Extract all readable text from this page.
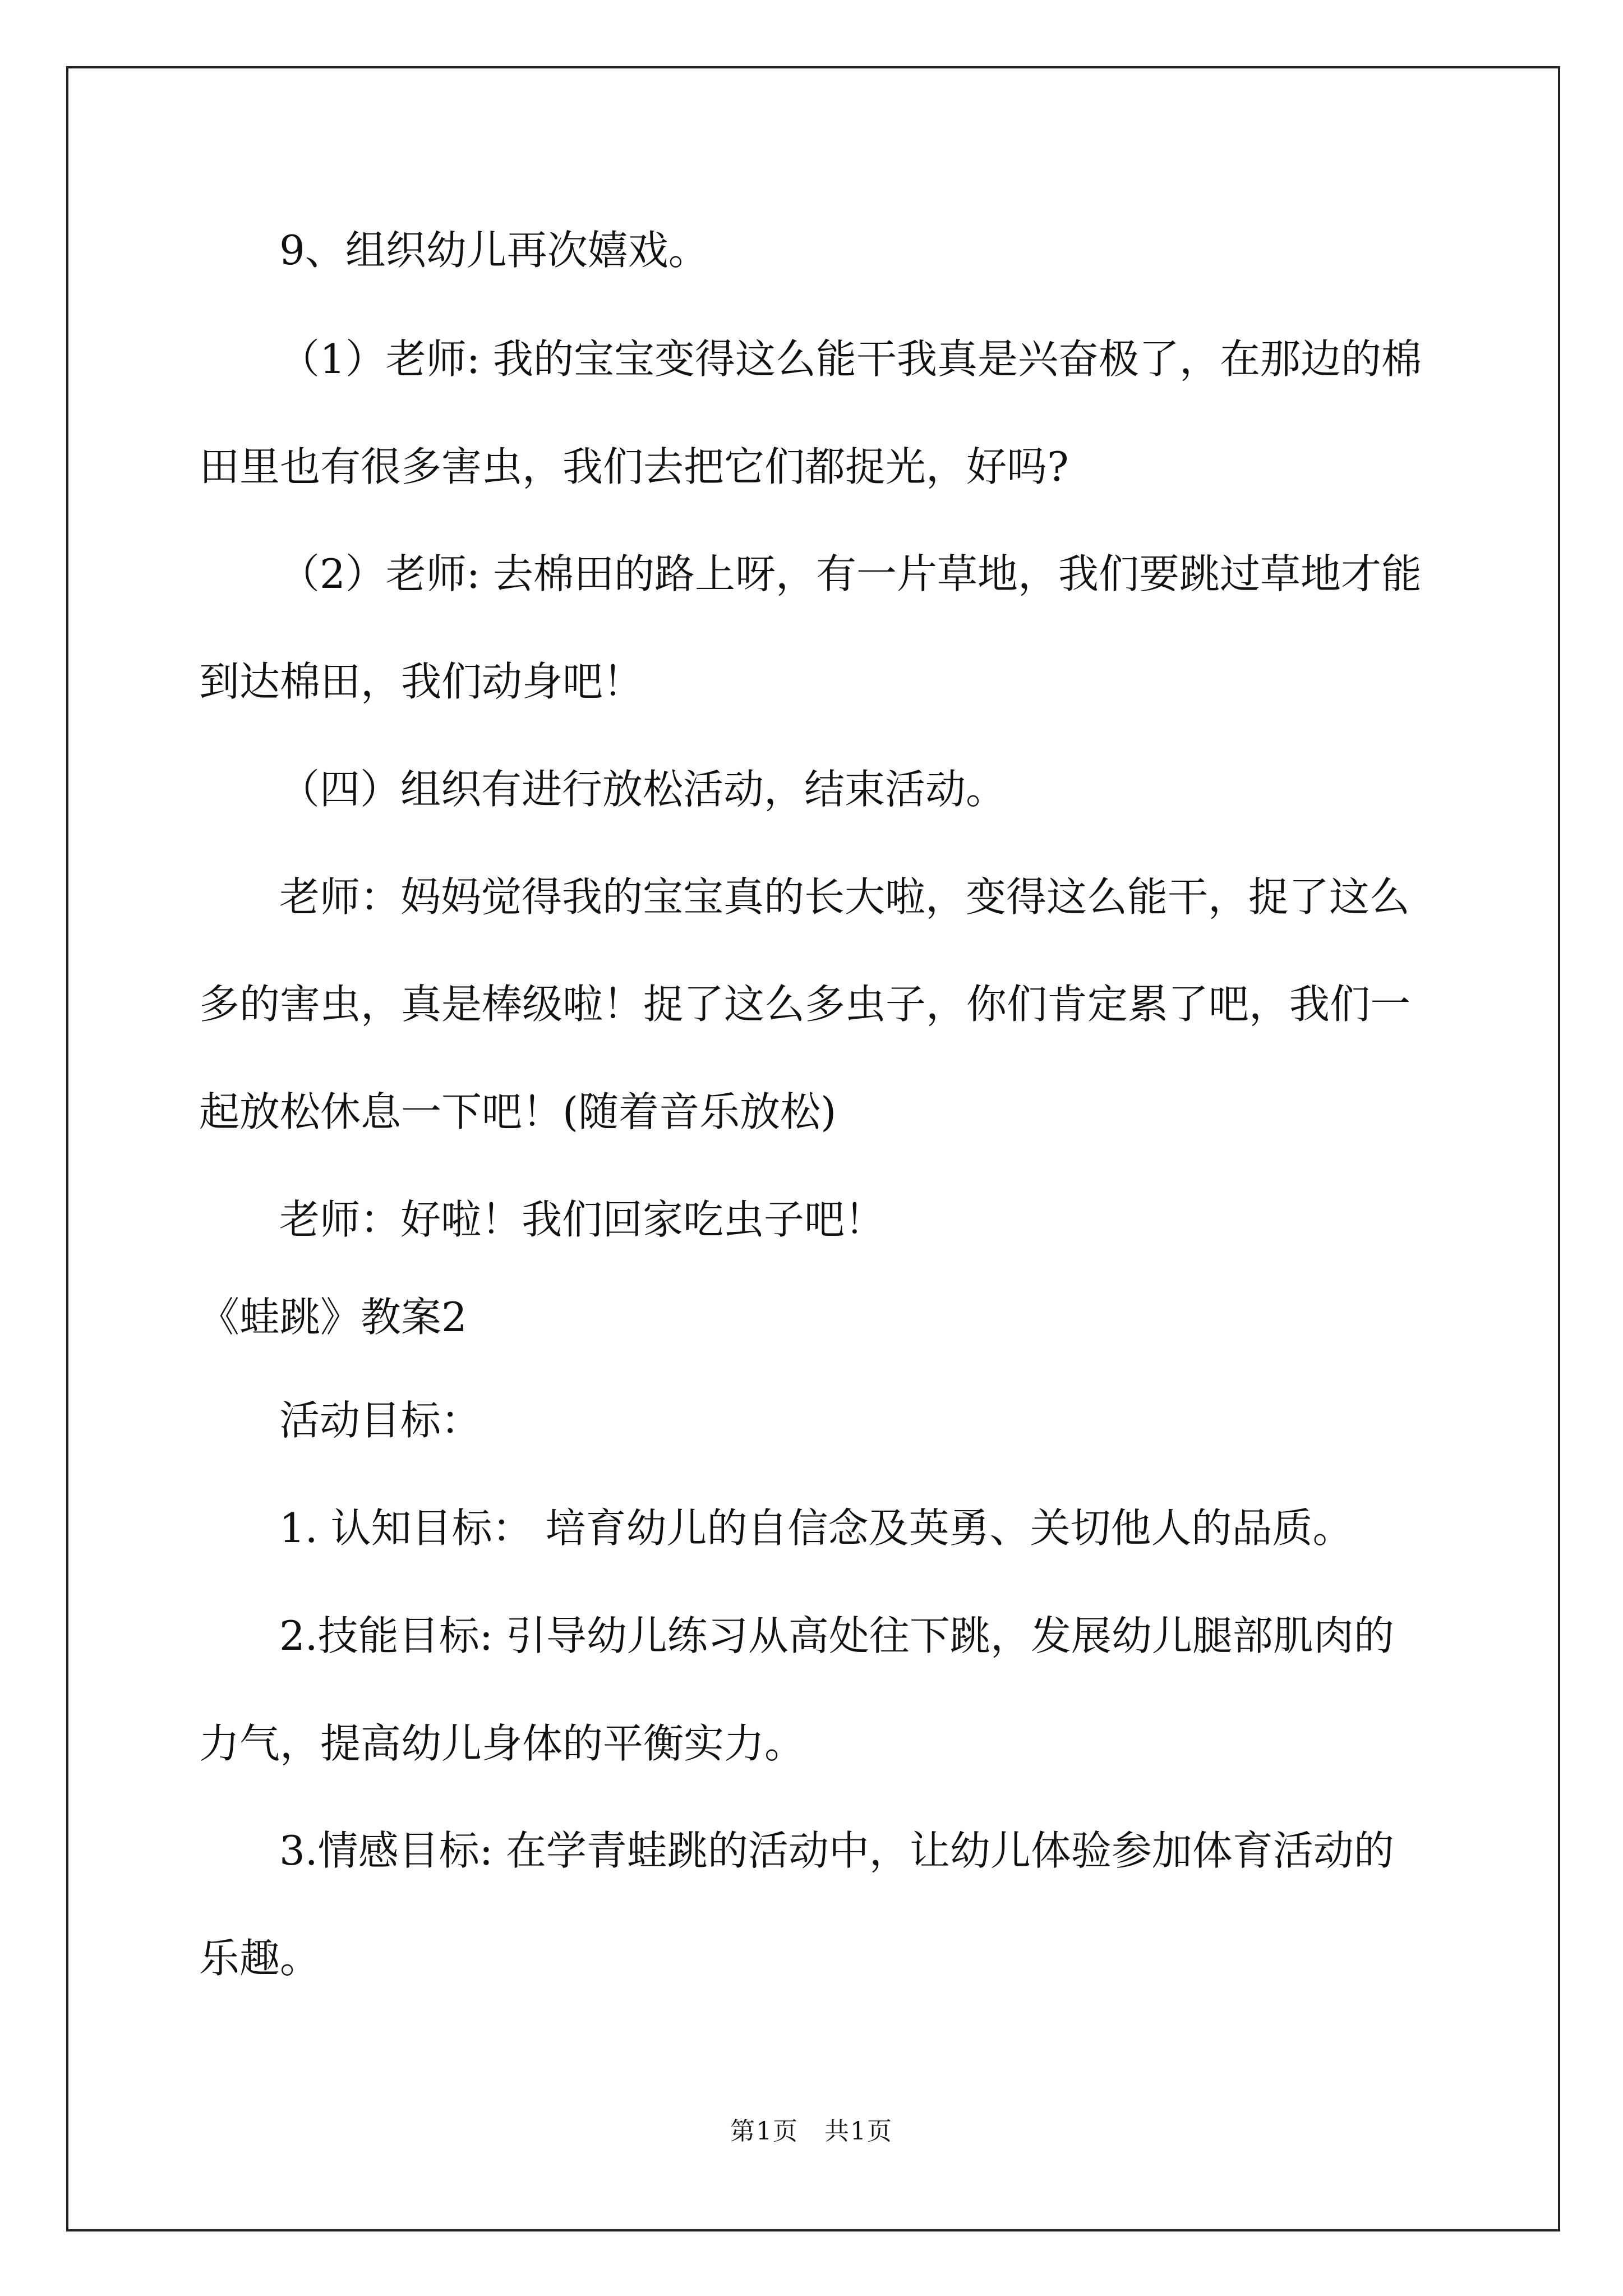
9、组织幼儿再次嬉戏。

（1）老师: 我的宝宝变得这么能干我真是兴奋极了，在那边的棉

田里也有很多害虫，我们去把它们都捉光，好吗?

（2）老师: 去棉田的路上呀，有一片草地，我们要跳过草地才能

到达棉田，我们动身吧！

（四）组织有进行放松活动，结束活动。

老师：妈妈觉得我的宝宝真的长大啦，变得这么能干，捉了这么

多的害虫，真是棒级啦！捉了这么多虫子，你们肯定累了吧，我们一

起放松休息一下吧！(随着音乐放松)

老师：好啦！我们回家吃虫子吧！

《蛙跳》教案2

活动目标：

1. 认知目标： 培育幼儿的自信念及英勇、关切他人的品质。

2.技能目标: 引导幼儿练习从高处往下跳，发展幼儿腿部肌肉的

力气，提高幼儿身体的平衡实力。

3.情感目标: 在学青蛙跳的活动中，让幼儿体验参加体育活动的

乐趣。

第1页　共1页
